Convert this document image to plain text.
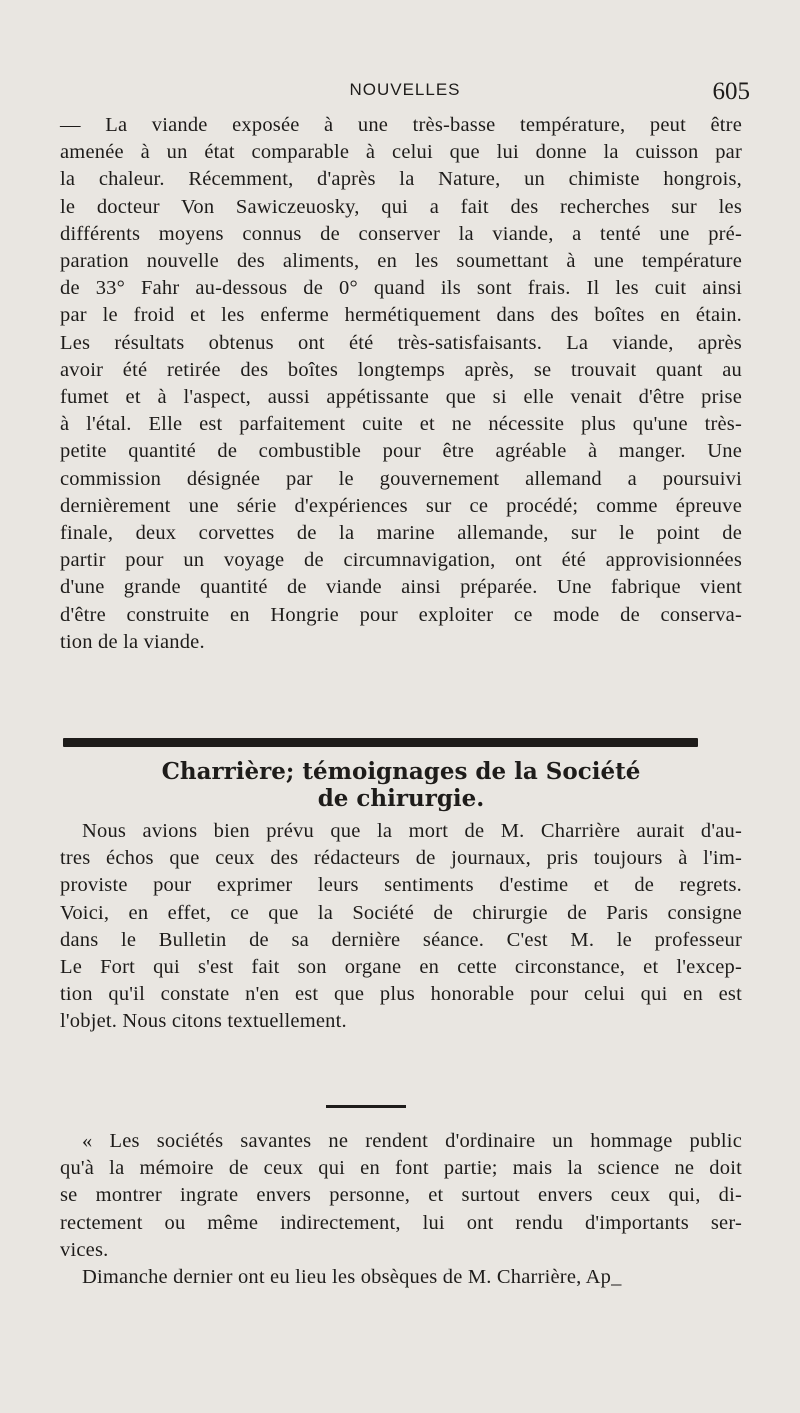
NOUVELLES	605

— La viande exposée à une très-basse température, peut être

amenée à un état comparable à celui que lui donne la cuisson par

la chaleur. Récemment, d'après la Nature, un chimiste hongrois,

le docteur Von Sawiczeuosky, qui a fait des recherches sur les

différents moyens connus de conserver la viande, a tenté une pré-

paration nouvelle des aliments, en les soumettant à une température

de 33° Fahr au-dessous de 0° quand ils sont frais. Il les cuit ainsi

par le froid et les enferme hermétiquement dans des boîtes en étain.

Les résultats obtenus ont été très-satisfaisants. La viande, après

avoir été retirée des boîtes longtemps après, se trouvait quant au

fumet et à l'aspect, aussi appétissante que si elle venait d'être prise

à l'étal. Elle est parfaitement cuite et ne nécessite plus qu'une très-

petite quantité de combustible pour être agréable à manger. Une

commission désignée par le gouvernement allemand a poursuivi

dernièrement une série d'expériences sur ce procédé; comme épreuve

finale, deux corvettes de la marine allemande, sur le point de

partir pour un voyage de circumnavigation, ont été approvisionnées

d'une grande quantité de viande ainsi préparée. Une fabrique vient

d'être construite en Hongrie pour exploiter ce mode de conserva-

tion de la viande.

Charrière; témoignages de la Société
de chirurgie.

Nous avions bien prévu que la mort de M. Charrière aurait d'au-

tres échos que ceux des rédacteurs de journaux, pris toujours à l'im-

proviste pour exprimer leurs sentiments d'estime et de regrets.

Voici, en effet, ce que la Société de chirurgie de Paris consigne

dans le Bulletin de sa dernière séance. C'est M. le professeur

Le Fort qui s'est fait son organe en cette circonstance, et l'excep-

tion qu'il constate n'en est que plus honorable pour celui qui en est

l'objet. Nous citons textuellement.

« Les sociétés savantes ne rendent d'ordinaire un hommage public

qu'à la mémoire de ceux qui en font partie; mais la science ne doit

se montrer ingrate envers personne, et surtout envers ceux qui, di-

rectement ou même indirectement, lui ont rendu d'importants ser-

vices.

Dimanche dernier ont eu lieu les obsèques de M. Charrière, Ap_
